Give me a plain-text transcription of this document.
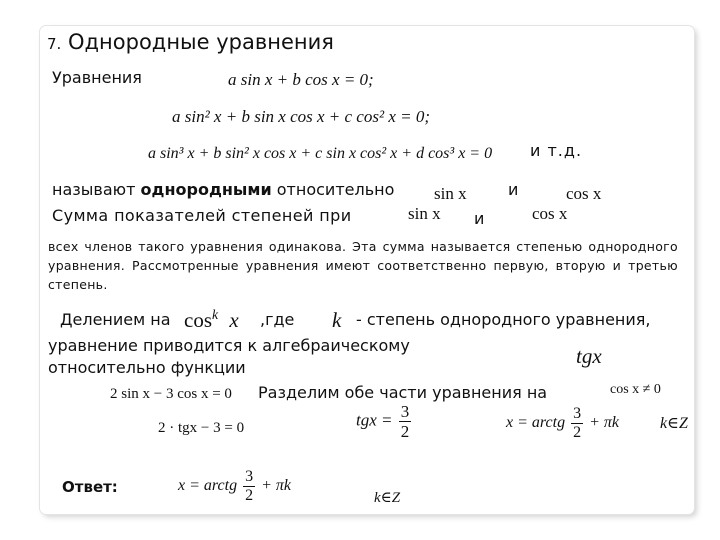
7. Однородные уравнения
Уравнения	a sin x + b cos x = 0;
a sin² x + b sin x cos x + c cos² x = 0;
и т.д.
a sin³ x + b sin² x cos x + c sin x cos² x + d cos³ x = 0
называют однородными относительно sin x	и	cos x
Сумма показателей степеней при	sin x и	cos x
всех членов такого уравнения одинакова. Эта сумма называется степенью однородного уравнения. Рассмотренные уравнения имеют соответственно первую, вторую и третью степень.
Делением на $\cos^k x$ ,где k - степень однородного уравнения,
уравнение приводится к алгебраическому	tgx
относительно функции
2 sin x − 3 cos x = 0 Разделим обе части уравнения на	cos x ≠ 0
2 · tgx − 3 = 0	tgx = $\frac{3}{2}$	x = arctg $\frac{3}{2} + \pi k$	k∈Z
Ответ:	x = arctg $\frac{3}{2} + \pi k$
k∈Z
